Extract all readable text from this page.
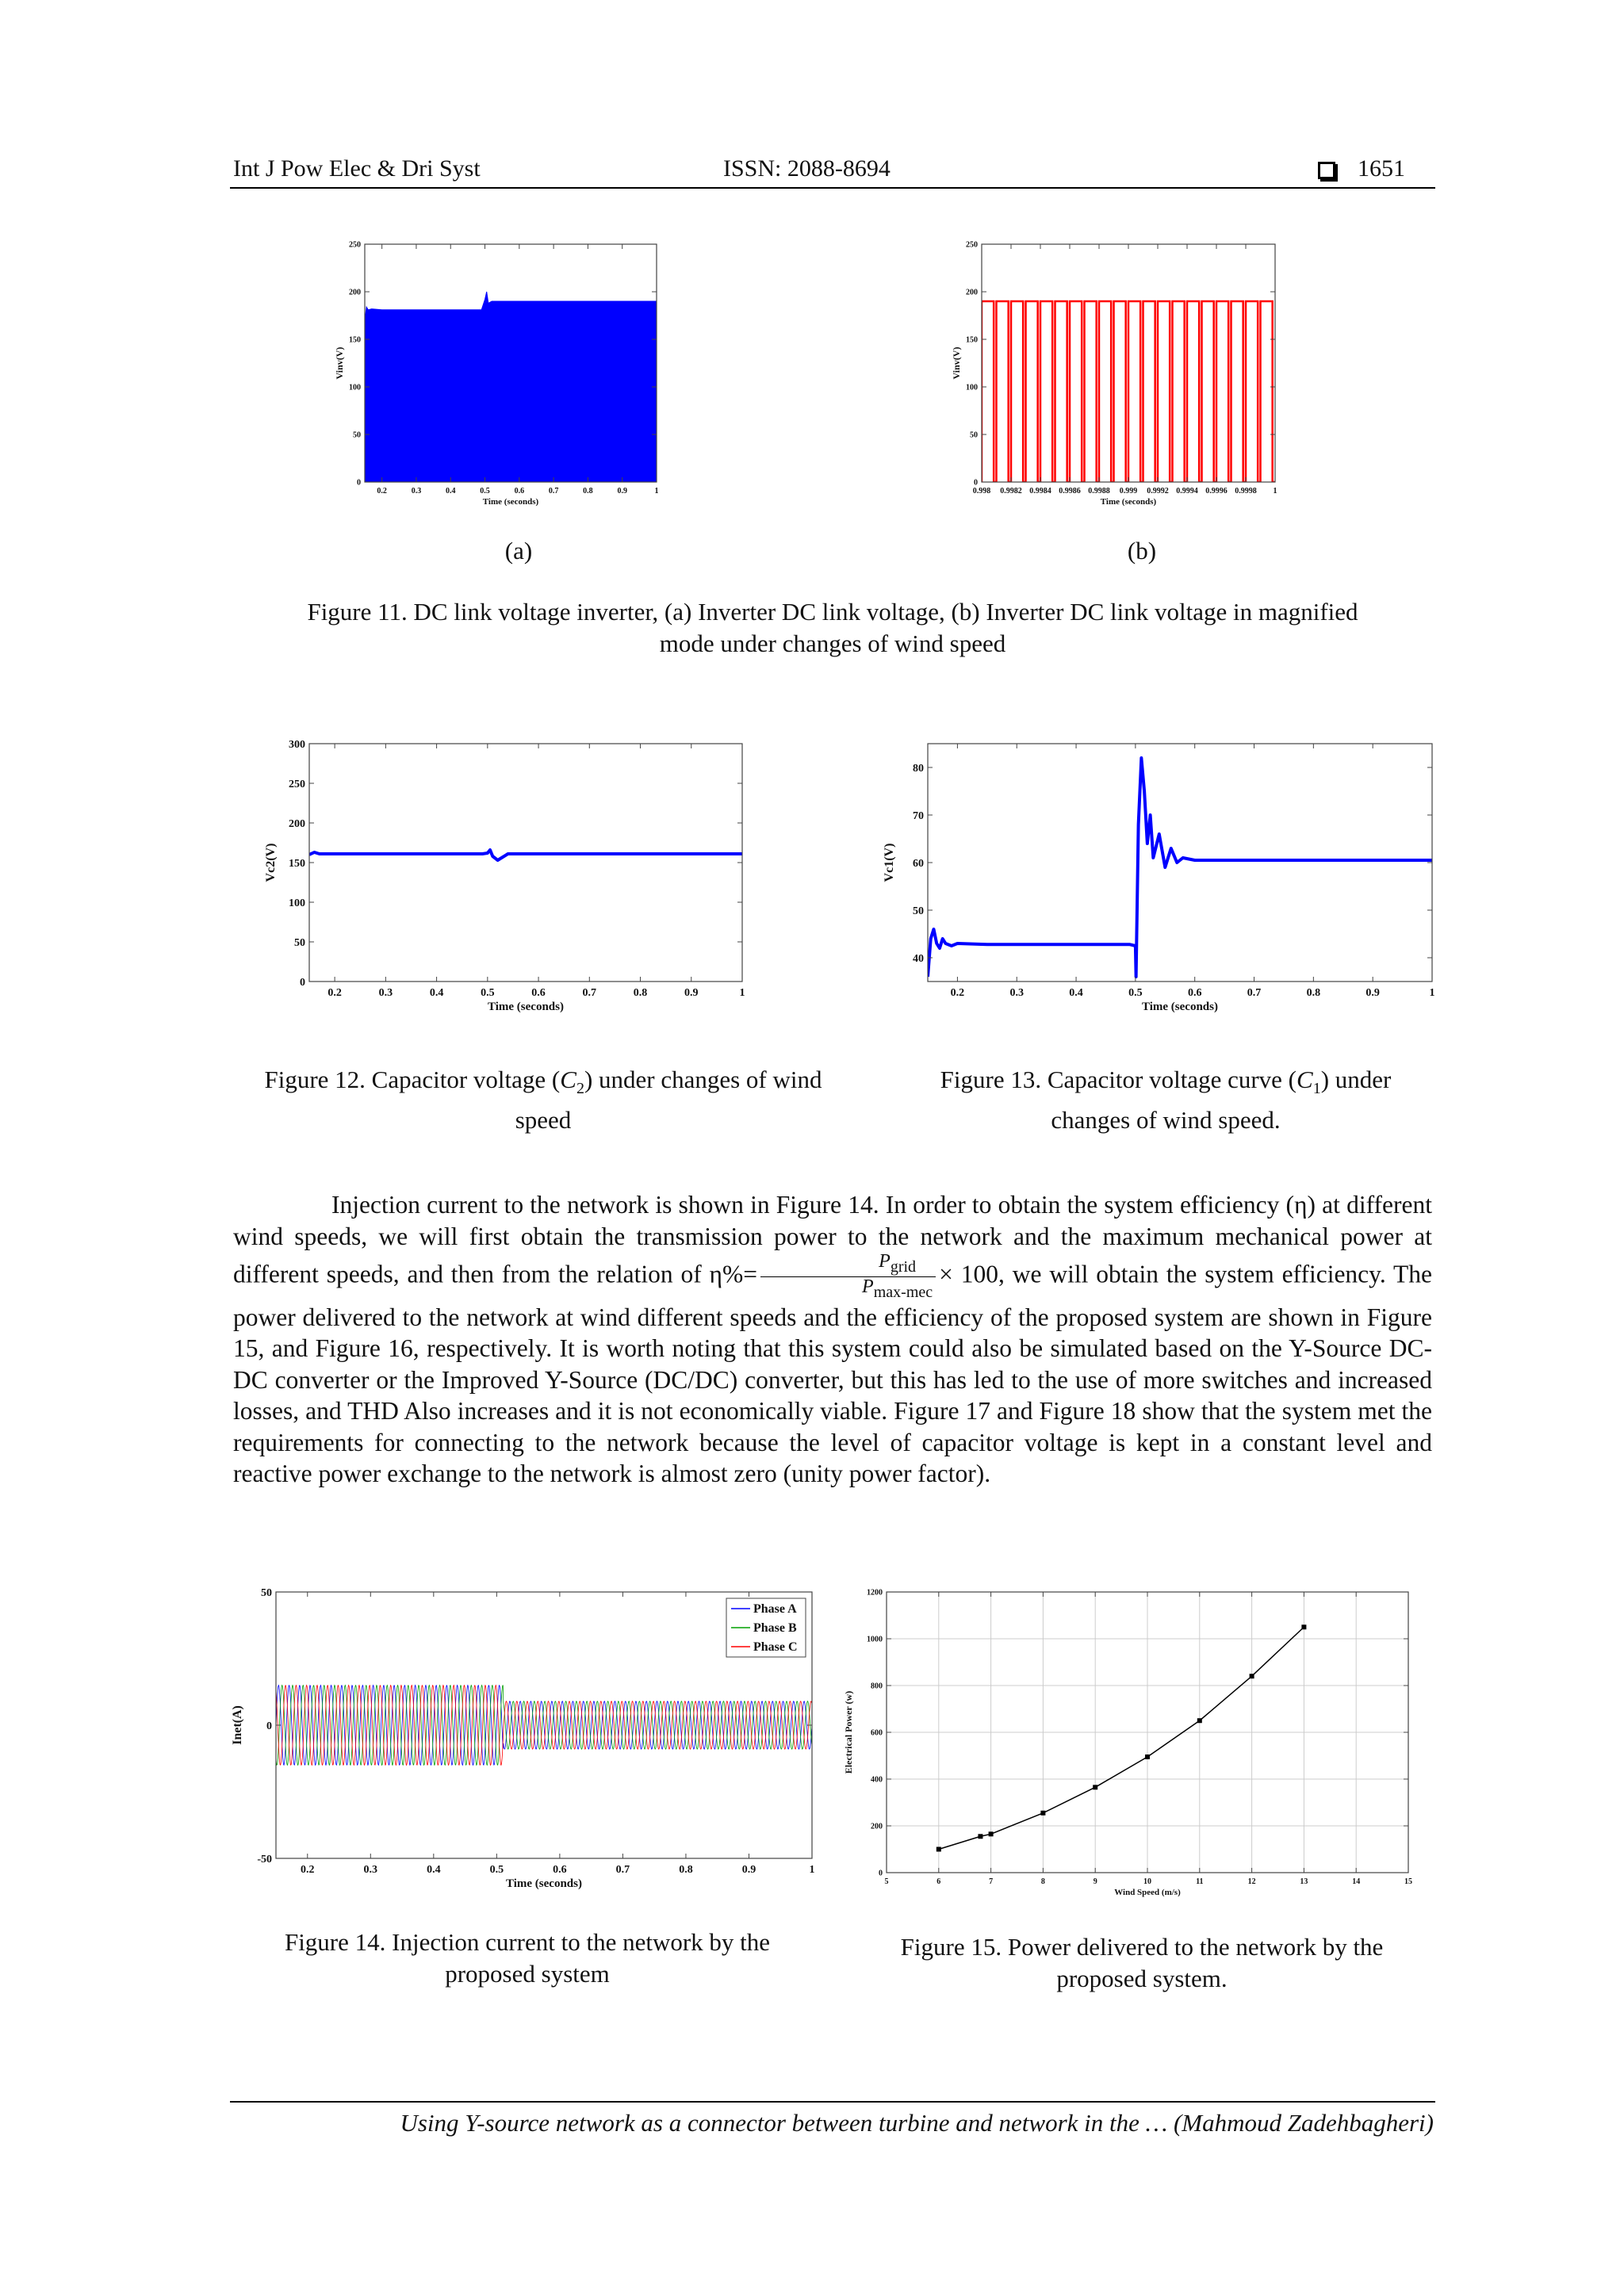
Int J Pow Elec & Dri Syst	ISSN: 2088-8694	1651
0.2	0.3	0.4	0.5	0.6	0.7	0.8	0.9	1
0
50
100
150
200
250
Time (seconds)
Vinv(V)
(a)
0.998 0.9982 0.9984 0.9986 0.9988 0.999 0.9992 0.9994 0.9996 0.9998 1
0
50
100
150
200
250
Time (seconds)
Vinv(V)
(b)
Figure 11. DC link voltage inverter, (a) Inverter DC link voltage, (b) Inverter DC link voltage in magnified
mode under changes of wind speed
0.2	0.3	0.4	0.5	0.6	0.7	0.8	0.9	1
0
50
100
150
200
250
300
Time (seconds)
Vc2(V)
Figure 12. Capacitor voltage $(C_2)$ under changes of wind
speed
0.2	0.3	0.4	0.5	0.6	0.7	0.8	0.9	1
40
50
60
70
80
Time (seconds)
Vc1(V)
Figure 13. Capacitor voltage curve $(C_1)$ under
changes of wind speed.

Injection current to the network is shown in Figure 14. In order to obtain the system efficiency (η) at different wind speeds, we will first obtain the transmission power to the network and the maximum mechanical power at different speeds, and then from the relation of $\eta\%= \frac{P_{grid}}{P_{max-mec}} \times 100$, we will obtain the system efficiency. The power delivered to the network at wind different speeds and the efficiency of the proposed system are shown in Figure 15, and Figure 16, respectively. It is worth noting that this system could also be simulated based on the Y-Source DC-DC converter or the Improved Y-Source (DC/DC) converter, but this has led to the use of more switches and increased losses, and THD Also increases and it is not economically viable. Figure 17 and Figure 18 show that the system met the requirements for connecting to the network because the level of capacitor voltage is kept in a constant level and reactive power exchange to the network is almost zero (unity power factor).

0.2	0.3	0.4	0.5	0.6	0.7	0.8	0.9	1
-50
0
50
Time (seconds)
Inet(A)
Phase A
Phase B
Phase C
Figure 14. Injection current to the network by the
proposed system
5	6	7	8	9	10	11	12	13	14	15
0
200
400
600
800
1000
1200
Wind Speed (m/s)
Electrical Power (w)
Figure 15. Power delivered to the network by the
proposed system.
Using Y-source network as a connector between turbine and network in the … (Mahmoud Zadehbagheri)
